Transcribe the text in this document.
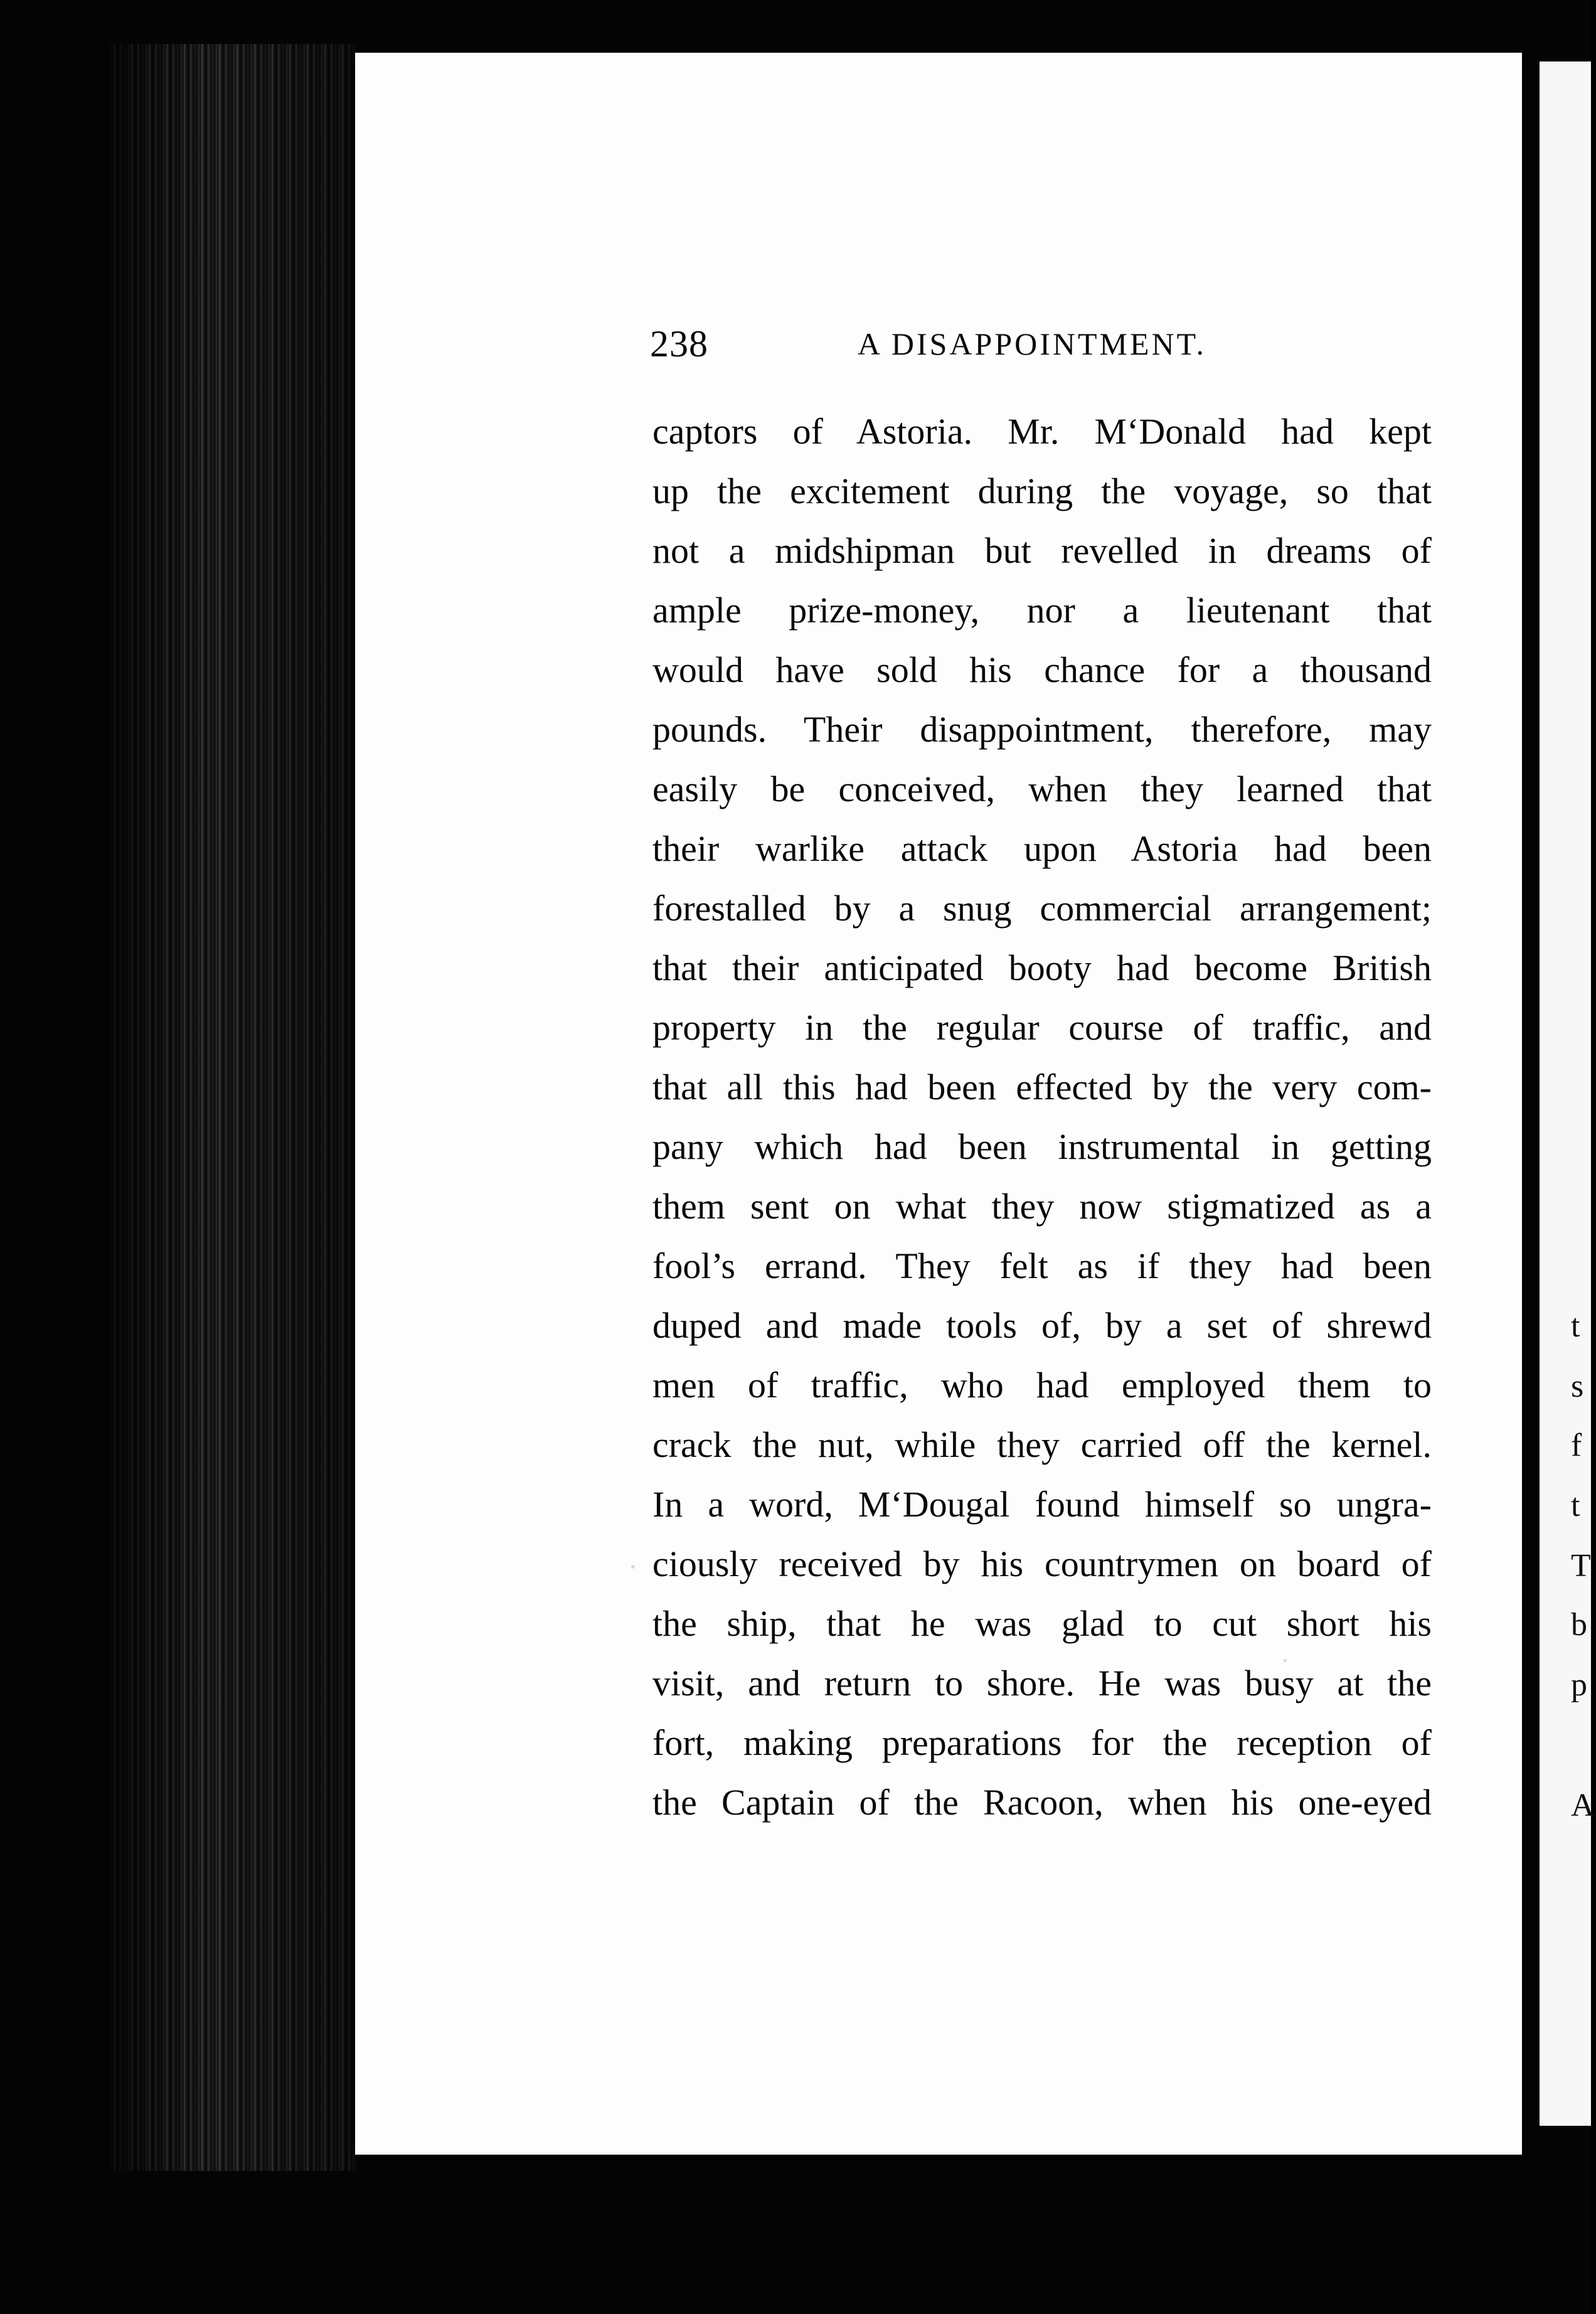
t
s
f
t
T
b
p
A
238	A DISAPPOINTMENT.
captors of Astoria. Mr. M‘Donald had kept
up the excitement during the voyage, so that
not a midshipman but revelled in dreams of
ample prize-money, nor a lieutenant that
would have sold his chance for a thousand
pounds. Their disappointment, therefore, may
easily be conceived, when they learned that
their warlike attack upon Astoria had been
forestalled by a snug commercial arrangement;
that their anticipated booty had become British
property in the regular course of traffic, and
that all this had been effected by the very com-
pany which had been instrumental in getting
them sent on what they now stigmatized as a
fool’s errand. They felt as if they had been
duped and made tools of, by a set of shrewd
men of traffic, who had employed them to
crack the nut, while they carried off the kernel.
In a word, M‘Dougal found himself so ungra-
ciously received by his countrymen on board of
the ship, that he was glad to cut short his
visit, and return to shore. He was busy at the
fort, making preparations for the reception of
the Captain of the Racoon, when his one-eyed
